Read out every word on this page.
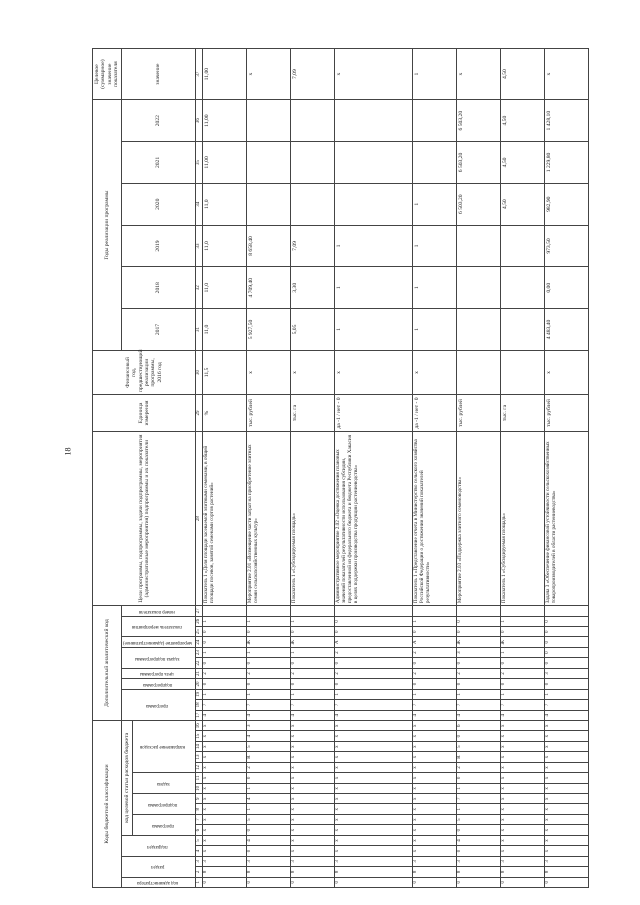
18
Коды бюджетной классификации																Дополнительный аналитический код											Цели программы, подпрограммы, задачи подпрограммы, мероприятия (административные мероприятия) подпрограммы и их показатели	Единица измерения	Финансовый год, предшествующий реализации программы, 2016 год	Годы реализации программы						Целевое (суммарное) значение показателя
код администратора	раздел		подраздел		код целевой статьи расходов бюджета											программа			подпрограмма	цель программы	задача подпрограммы		мероприятие (административное)	показатель мероприятия		номер показателя				2017	2018	2019	2020	2021	2022	значение
					программа		подпрограмма		задача		направление расходов																									
1	2	3	4	5	6	7	8	9	10	11	12	13	14	15	16	17	18	19	20	21	22	23	24	25	26	27	28	29	30	31	32	33	34	35	36	37
0	8	3	x	x	x	x	x	x	x	x	x	x	x	x	x	4	7	1	0	2	0	1	0	0	1		Показатель 1 «Доля площади засеваемой элитными семенами, в общей площади посевов, занятой семенами сортов растений»	%	11,5	11,0	11,0	11,0	11,0	11,00	11,00	11,00
0	8	3	0	4	0	5	1	4	1	0	2	R	5	4	3	4	7	1	0	2	0	1	Ж	0	1		Мероприятие 2.01 «Возмещение части затрат на приобретение элитных семян сельскохозяйственных культур»	тыс. рублей	x	5 927,50	4 709,40	8 658,40				x
0	8	3	x	x	x	x	x	x	x	x	x	x	x	x	x	4	7	1	0	2	0	1	Ж	0	1		Показатель 1 «Субсидируемая площадь»	тыс. га	x	5,05	3,30	7,09				7,09
0	8	3	x	x	x	x	x	x	x	x	x	x	x	x	x	4	7	1	0	2	0	2	A	0	0		Административное мероприятие 2.02 «Оценка достижения плановых значений показателей результативности использования субсидии, предоставленной из федерального бюджета и бюджета Республики Хакасия в целях поддержки производства продукции растениеводства»	да -1 / нет - 0	x	1	1	1				x
0	8	3	x	x	x	x	x	x	x	x	x	x	x	x	x	4	7	1	0	2	0	2	A	0	1		Показатель 1 «Представление отчета в Министерство сельского хозяйства Российской Федерации о достижении значений показателей результативности»	да -1 / нет - 0	x	1	1	1	1			1
0	8	3	0	4	0	5	1	7	1	0	2	R	5	0	6	4	7	1	0	2	0	3	Ж	0	0		Мероприятие 2.03 «Поддержка элитного семеноводства»	тыс. рублей					6 503,20	6 503,20	6 503,20	x
0	8	3	x	x	x	x	x	x	x	x	x	x	x	x	x	4	7	1	0	2	0	1	Ж	0	1		Показатель 1 «Субсидируемая площадь»	тыс. га					4,50	4,50	4,50	4,50
0	8	3	x	x	x	x	x	x	x	x	x	x	x	x	x	4	7	1	0	3	0	0	0	0	0		Задача 3 «Обеспечение финансовой устойчивости сельскохозяйственных товаропроизводителей в области растениеводства»	тыс. рублей	x	4 483,40	0,00	973,50	982,90	1 229,80	1 428,10	x
